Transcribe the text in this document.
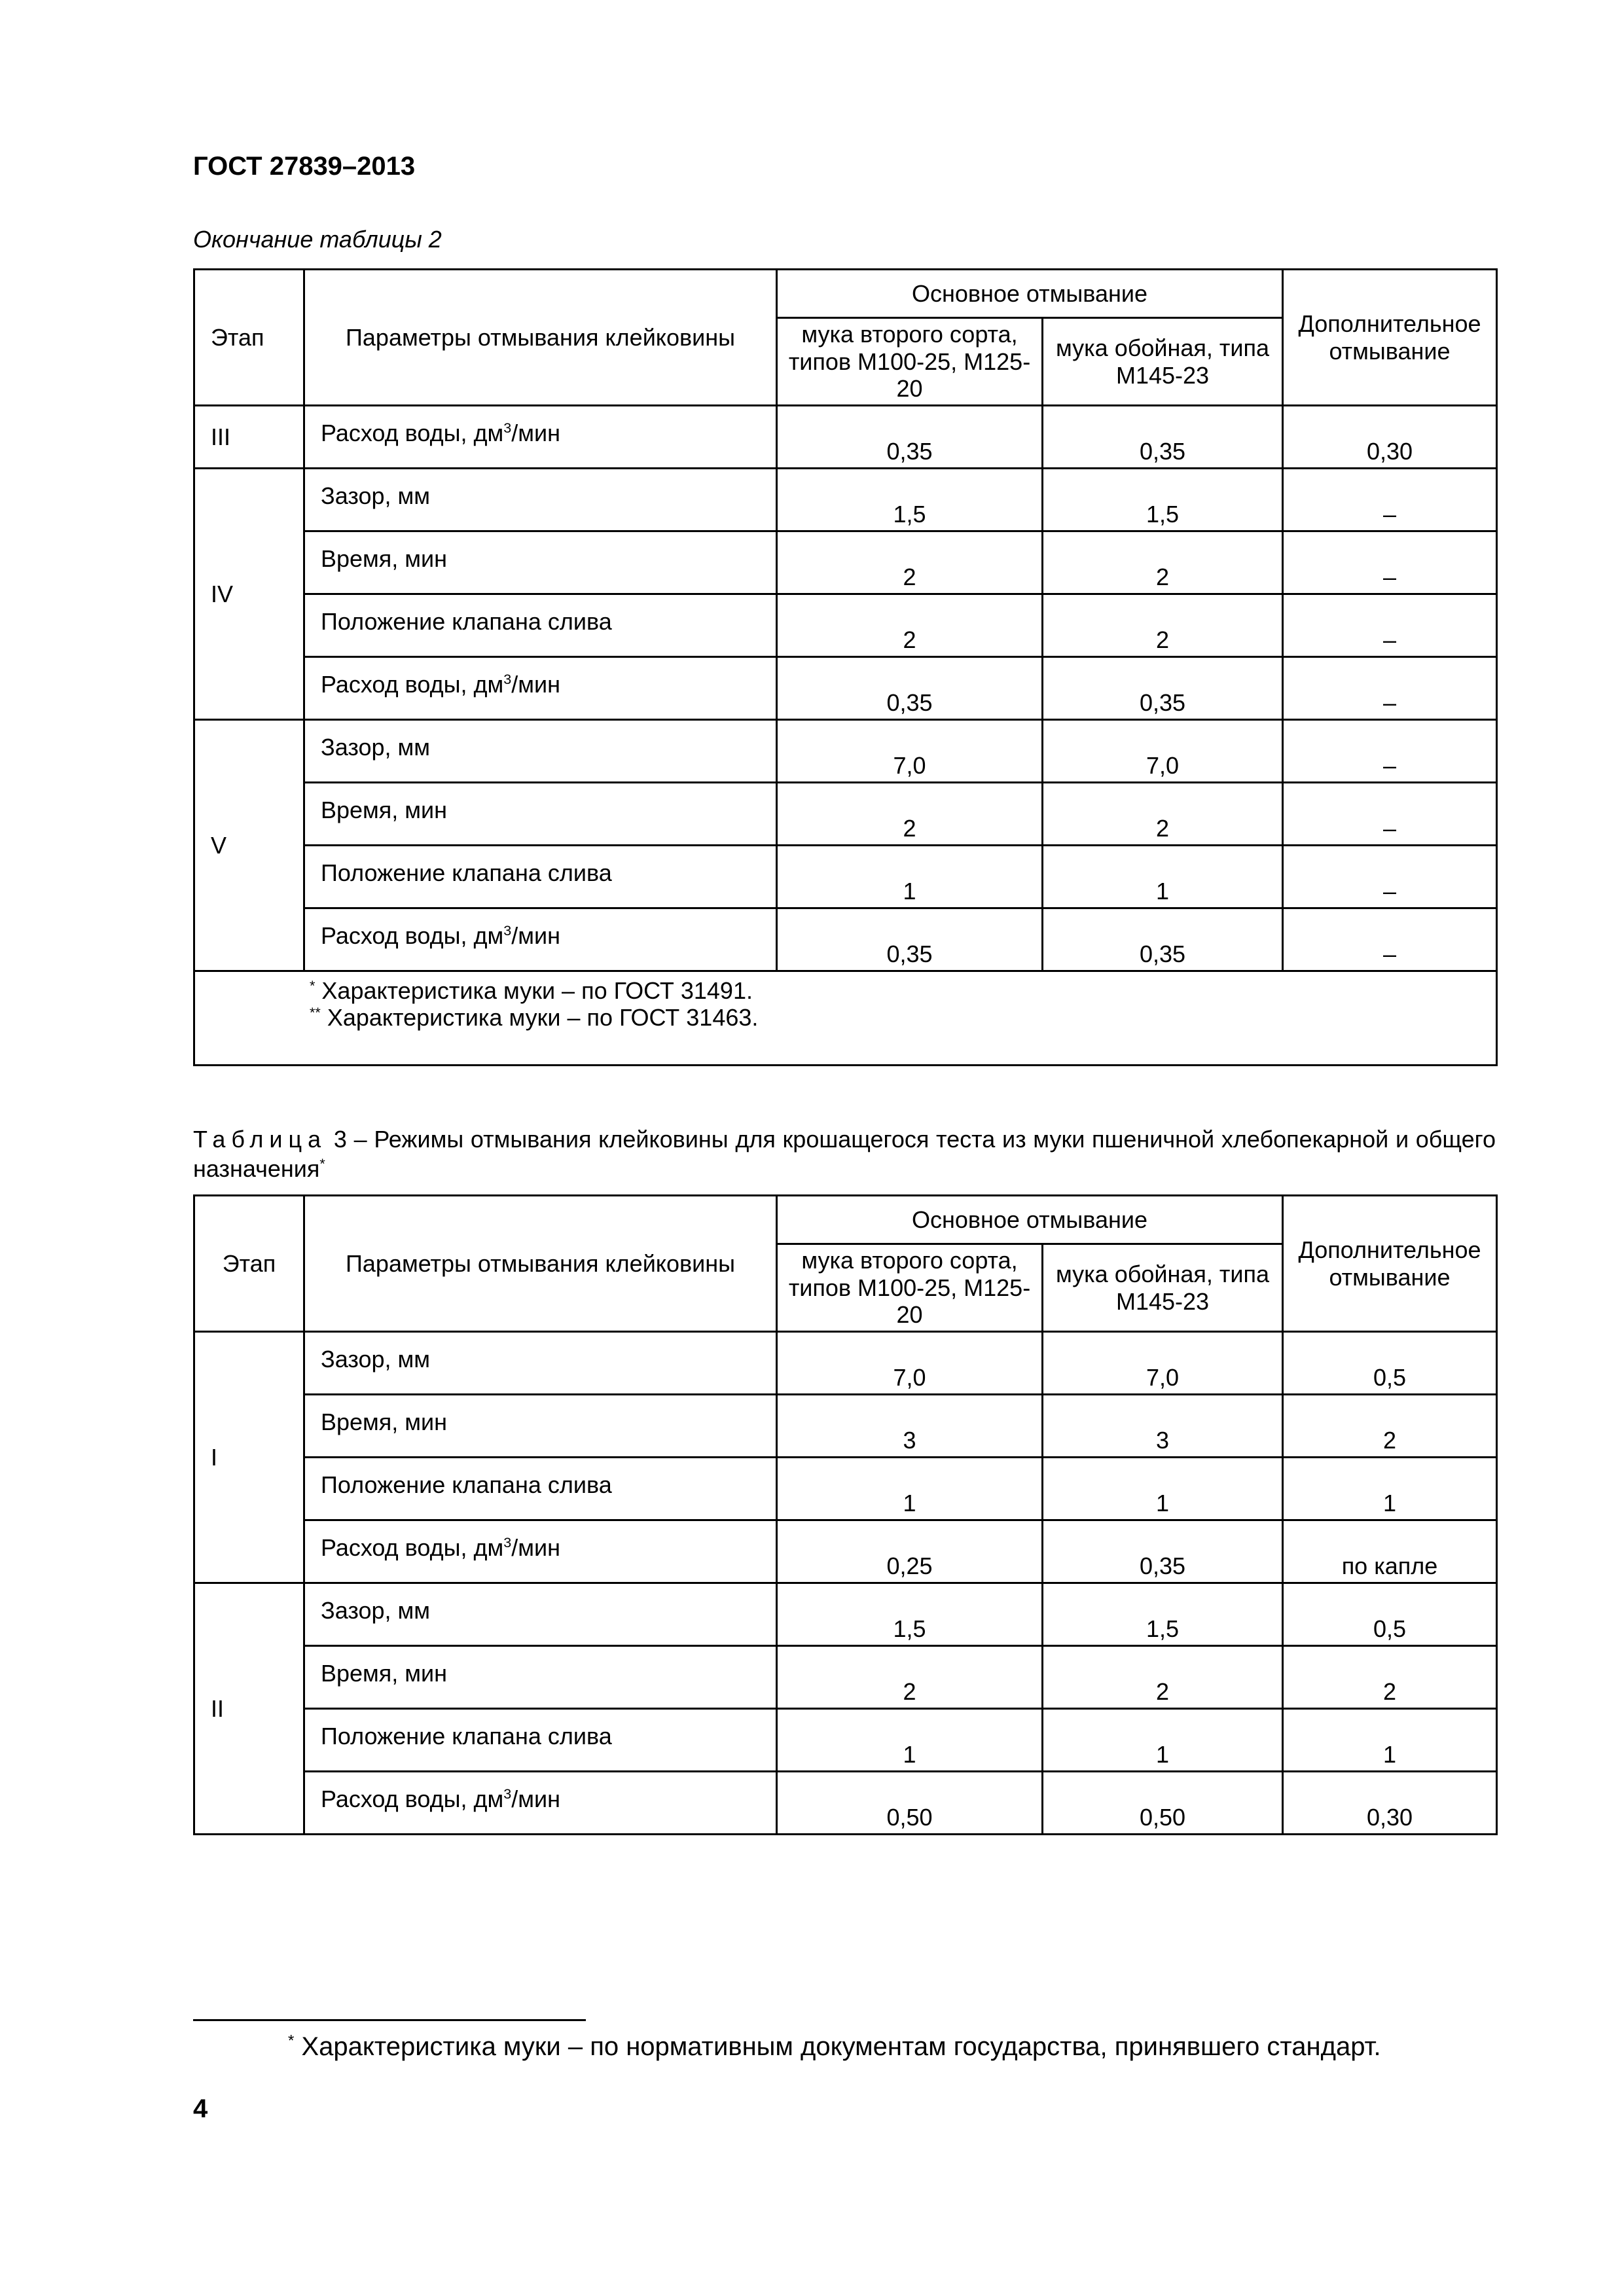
ГОСТ 27839–2013
Окончание таблицы 2
Этап	Параметры отмывания клейковины	Основное отмывание		Дополнительное отмывание
		мука второго сорта, типов М100-25, М125-20	мука обойная, типа М145-23	
III	Расход воды, $дм^3$/мин	0,35	0,35	0,30
IV	Зазор, мм	1,5	1,5	–
	Время, мин	2	2	–
	Положение клапана слива	2	2	–
	Расход воды, $дм^3$/мин	0,35	0,35	–
V	Зазор, мм	7,0	7,0	–
	Время, мин	2	2	–
	Положение клапана слива	1	1	–
	Расход воды, $дм^3$/мин	0,35	0,35	–

* Характеристика муки – по ГОСТ 31491.
** Характеристика муки – по ГОСТ 31463.				
Таблица 3 – Режимы отмывания клейковины для крошащегося теста из муки пшеничной хлебопекарной и общего назначения*
Этап	Параметры отмывания клейковины	Основное отмывание		Дополнительное отмывание
		мука второго сорта, типов М100-25, М125-20	мука обойная, типа М145-23	
I	Зазор, мм	7,0	7,0	0,5
	Время, мин	3	3	2
	Положение клапана слива	1	1	1
	Расход воды, $дм^3$/мин	0,25	0,35	по капле
II	Зазор, мм	1,5	1,5	0,5
	Время, мин	2	2	2
	Положение клапана слива	1	1	1
	Расход воды, $дм^3$/мин	0,50	0,50	0,30
* Характеристика муки – по нормативным документам государства, принявшего стандарт.
4
